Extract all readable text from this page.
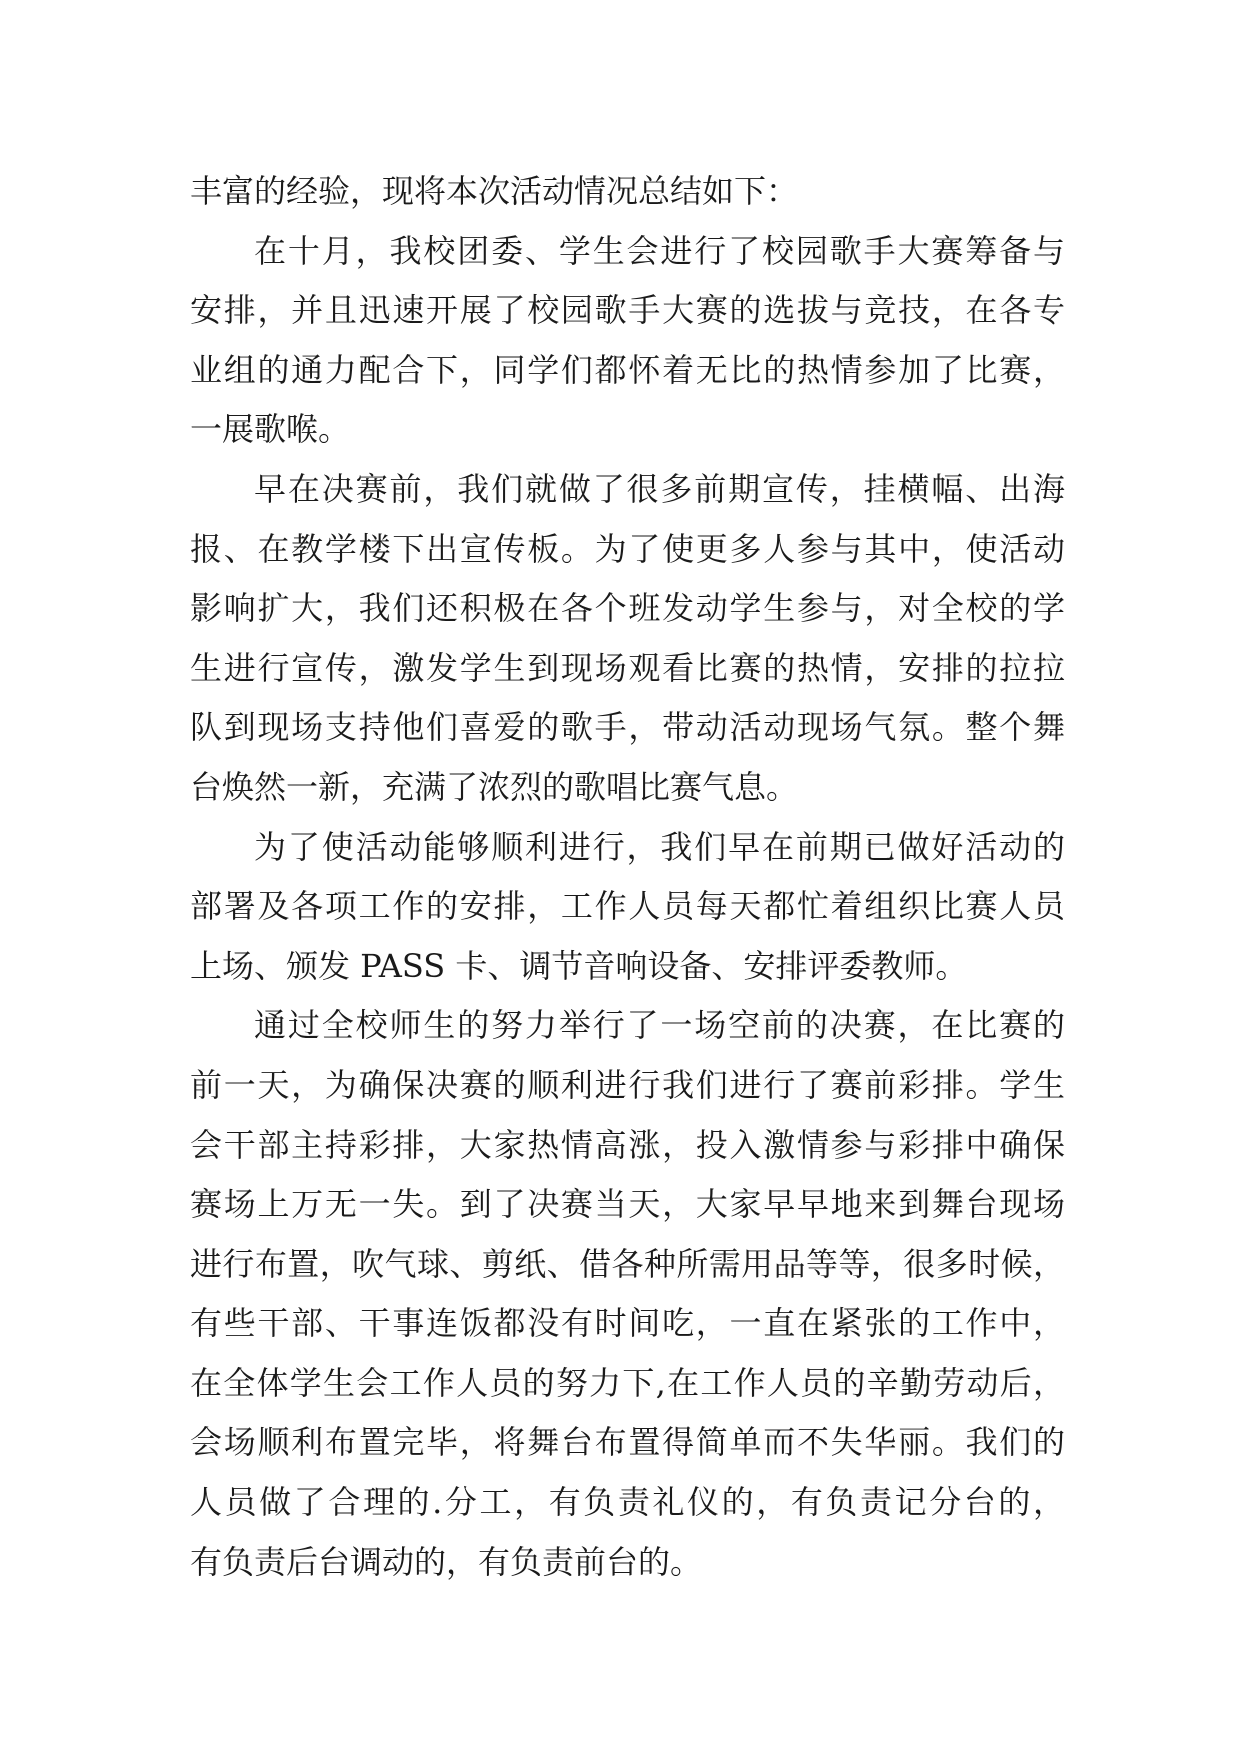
丰富的经验，现将本次活动情况总结如下：
在十月，我校团委、学生会进行了校园歌手大赛筹备与
安排，并且迅速开展了校园歌手大赛的选拔与竞技，在各专
业组的通力配合下，同学们都怀着无比的热情参加了比赛，
一展歌喉。
早在决赛前，我们就做了很多前期宣传，挂横幅、出海
报、在教学楼下出宣传板。为了使更多人参与其中，使活动
影响扩大，我们还积极在各个班发动学生参与，对全校的学
生进行宣传，激发学生到现场观看比赛的热情，安排的拉拉
队到现场支持他们喜爱的歌手，带动活动现场气氛。整个舞
台焕然一新，充满了浓烈的歌唱比赛气息。
为了使活动能够顺利进行，我们早在前期已做好活动的
部署及各项工作的安排，工作人员每天都忙着组织比赛人员
上场、颁发 PASS 卡、调节音响设备、安排评委教师。
通过全校师生的努力举行了一场空前的决赛，在比赛的
前一天，为确保决赛的顺利进行我们进行了赛前彩排。学生
会干部主持彩排，大家热情高涨，投入激情参与彩排中确保
赛场上万无一失。到了决赛当天，大家早早地来到舞台现场
进行布置，吹气球、剪纸、借各种所需用品等等，很多时候，
有些干部、干事连饭都没有时间吃，一直在紧张的工作中，
在全体学生会工作人员的努力下,在工作人员的辛勤劳动后，
会场顺利布置完毕，将舞台布置得简单而不失华丽。我们的
人员做了合理的.分工，有负责礼仪的，有负责记分台的，
有负责后台调动的，有负责前台的。
